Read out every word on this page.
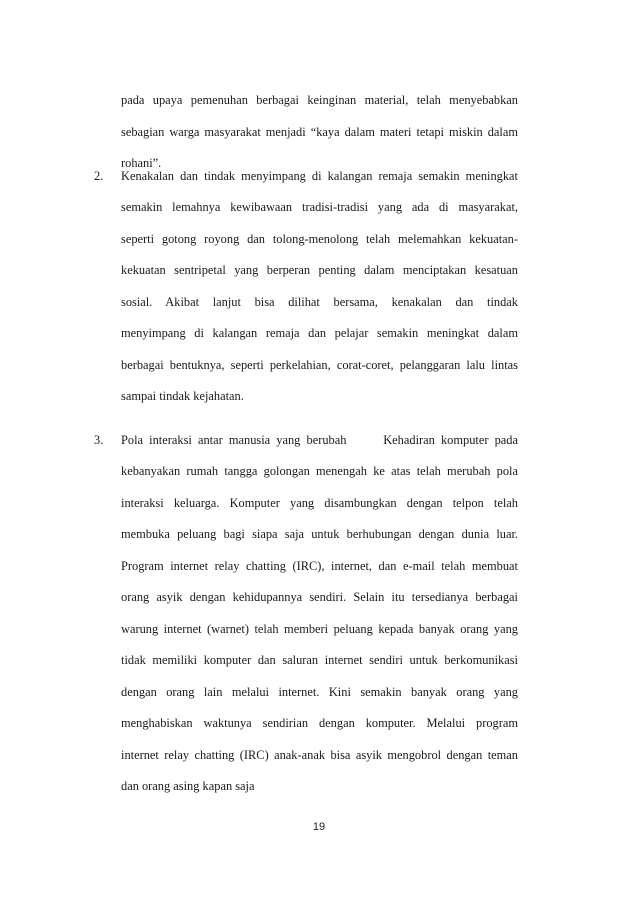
pada upaya pemenuhan berbagai keinginan material, telah menyebabkan
sebagian warga masyarakat menjadi “kaya dalam materi tetapi miskin dalam
rohani”.
2. Kenakalan dan tindak menyimpang di kalangan remaja semakin meningkat
semakin lemahnya kewibawaan tradisi-tradisi yang ada di masyarakat,
seperti gotong royong dan tolong-menolong telah melemahkan kekuatan-
kekuatan sentripetal yang berperan penting dalam menciptakan kesatuan
sosial. Akibat lanjut bisa dilihat bersama, kenakalan dan tindak
menyimpang di kalangan remaja dan pelajar semakin meningkat dalam
berbagai bentuknya, seperti perkelahian, corat-coret, pelanggaran lalu lintas
sampai tindak kejahatan.
3. Pola interaksi antar manusia yang berubah      Kehadiran komputer pada
kebanyakan rumah tangga golongan menengah ke atas telah merubah pola
interaksi keluarga. Komputer yang disambungkan dengan telpon telah
membuka peluang bagi siapa saja untuk berhubungan dengan dunia luar.
Program internet relay chatting (IRC), internet, dan e-mail telah membuat
orang asyik dengan kehidupannya sendiri. Selain itu tersedianya berbagai
warung internet (warnet) telah memberi peluang kepada banyak orang yang
tidak memiliki komputer dan saluran internet sendiri untuk berkomunikasi
dengan orang lain melalui internet. Kini semakin banyak orang yang
menghabiskan waktunya sendirian dengan komputer. Melalui program
internet relay chatting (IRC) anak-anak bisa asyik mengobrol dengan teman
dan orang asing kapan saja
19
